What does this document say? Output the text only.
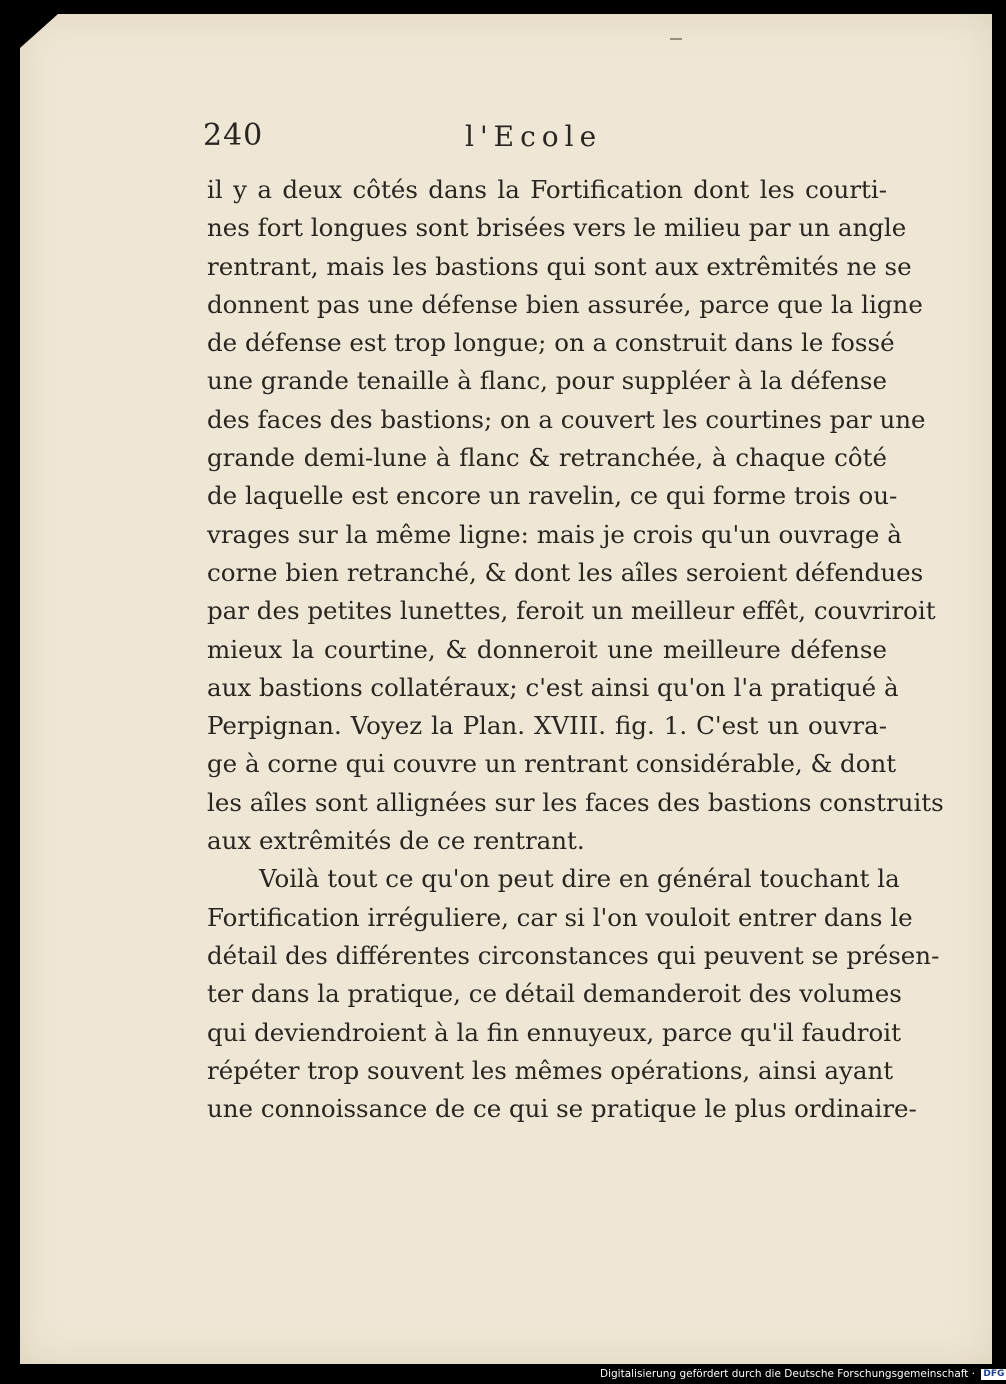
240	l'Ecole
il y a deux côtés dans la Fortification dont les courti-
nes fort longues sont brisées vers le milieu par un angle
rentrant, mais les bastions qui sont aux extrêmités ne se
donnent pas une défense bien assurée, parce que la ligne
de défense est trop longue; on a construit dans le fossé
une grande tenaille à flanc, pour suppléer à la défense
des faces des bastions; on a couvert les courtines par une
grande demi-lune à flanc & retranchée, à chaque côté
de laquelle est encore un ravelin, ce qui forme trois ou-
vrages sur la même ligne: mais je crois qu'un ouvrage à
corne bien retranché, & dont les aîles seroient défendues
par des petites lunettes, feroit un meilleur effêt, couvriroit
mieux la courtine, & donneroit une meilleure défense
aux bastions collatéraux; c'est ainsi qu'on l'a pratiqué à
Perpignan. Voyez la Plan. XVIII. fig. 1. C'est un ouvra-
ge à corne qui couvre un rentrant considérable, & dont
les aîles sont allignées sur les faces des bastions construits
aux extrêmités de ce rentrant.
Voilà tout ce qu'on peut dire en général touchant la
Fortification irréguliere, car si l'on vouloit entrer dans le
détail des différentes circonstances qui peuvent se présen-
ter dans la pratique, ce détail demanderoit des volumes
qui deviendroient à la fin ennuyeux, parce qu'il faudroit
répéter trop souvent les mêmes opérations, ainsi ayant
une connoissance de ce qui se pratique le plus ordinaire-
Digitalisierung gefördert durch die Deutsche Forschungsgemeinschaft · DFG
